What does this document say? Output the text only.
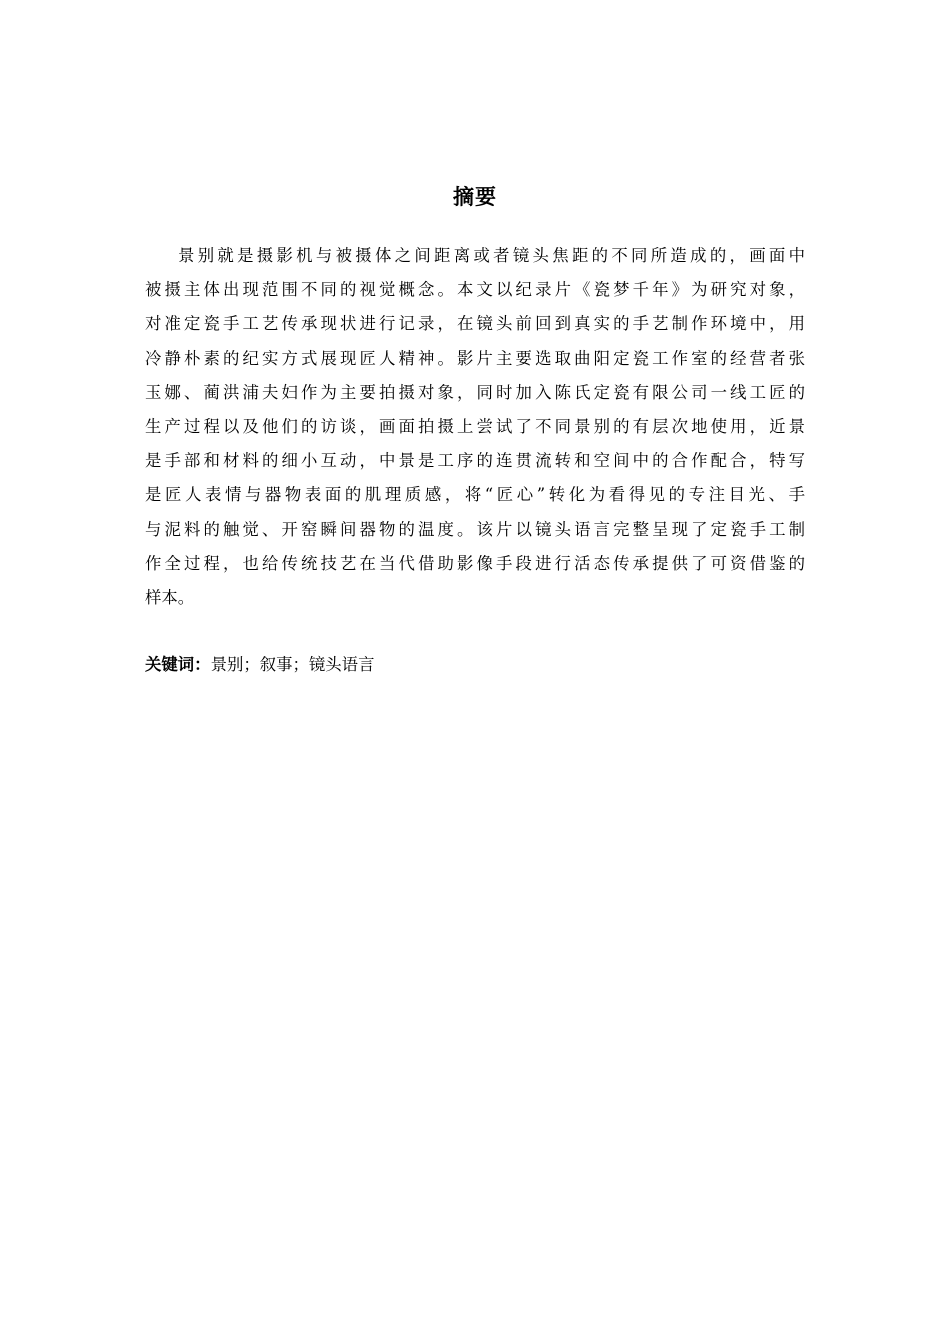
摘要
景别就是摄影机与被摄体之间距离或者镜头焦距的不同所造成的，画面中
被摄主体出现范围不同的视觉概念。本文以纪录片《瓷梦千年》为研究对象，
对准定瓷手工艺传承现状进行记录，在镜头前回到真实的手艺制作环境中，用
冷静朴素的纪实方式展现匠人精神。影片主要选取曲阳定瓷工作室的经营者张
玉娜、蔺洪浦夫妇作为主要拍摄对象，同时加入陈氏定瓷有限公司一线工匠的
生产过程以及他们的访谈，画面拍摄上尝试了不同景别的有层次地使用，近景
是手部和材料的细小互动，中景是工序的连贯流转和空间中的合作配合，特写
是匠人表情与器物表面的肌理质感，将“匠心”转化为看得见的专注目光、手
与泥料的触觉、开窑瞬间器物的温度。该片以镜头语言完整呈现了定瓷手工制
作全过程，也给传统技艺在当代借助影像手段进行活态传承提供了可资借鉴的
样本。
关键词：景别；叙事；镜头语言
